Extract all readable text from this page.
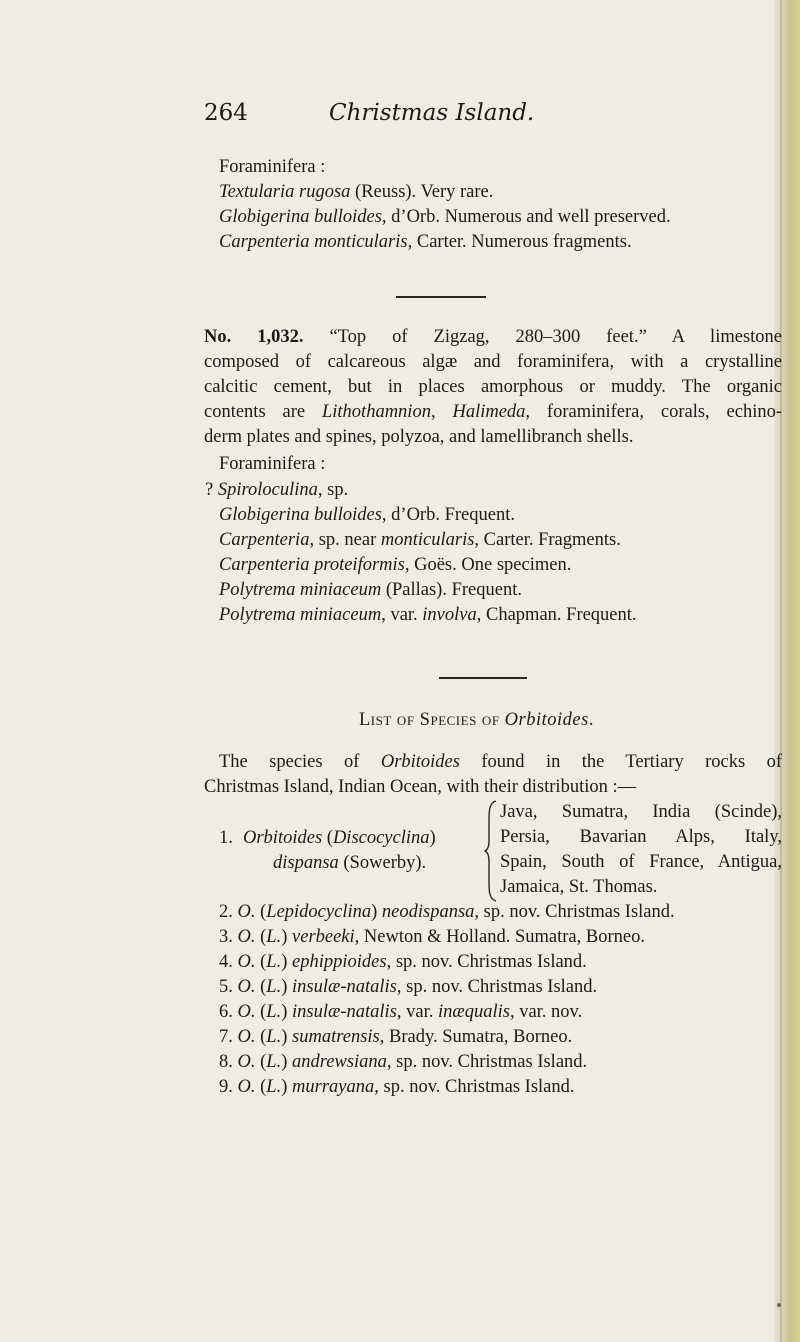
264	Christmas Island.
Foraminifera :
Textularia rugosa (Reuss). Very rare.
Globigerina bulloides, d’Orb. Numerous and well preserved.
Carpenteria monticularis, Carter. Numerous fragments.
No. 1,032. “Top of Zigzag, 280–300 feet.” A limestone
composed of calcareous algæ and foraminifera, with a crystalline
calcitic cement, but in places amorphous or muddy. The organic
contents are Lithothamnion, Halimeda, foraminifera, corals, echino-
derm plates and spines, polyzoa, and lamellibranch shells.
Foraminifera :
? Spiroloculina, sp.
Globigerina bulloides, d’Orb. Frequent.
Carpenteria, sp. near monticularis, Carter. Fragments.
Carpenteria proteiformis, Goës. One specimen.
Polytrema miniaceum (Pallas). Frequent.
Polytrema miniaceum, var. involva, Chapman. Frequent.
List of Species of Orbitoides.
The species of Orbitoides found in the Tertiary rocks of
Christmas Island, Indian Ocean, with their distribution :—
1. Orbitoides (Discocyclina)
dispansa (Sowerby).
Java, Sumatra, India (Scinde),
Persia, Bavarian Alps, Italy,
Spain, South of France, Antigua,
Jamaica, St. Thomas.
2. O. (Lepidocyclina) neodispansa, sp. nov. Christmas Island.
3. O. (L.) verbeeki, Newton & Holland. Sumatra, Borneo.
4. O. (L.) ephippioides, sp. nov. Christmas Island.
5. O. (L.) insulæ-natalis, sp. nov. Christmas Island.
6. O. (L.) insulæ-natalis, var. inæqualis, var. nov.
7. O. (L.) sumatrensis, Brady. Sumatra, Borneo.
8. O. (L.) andrewsiana, sp. nov. Christmas Island.
9. O. (L.) murrayana, sp. nov. Christmas Island.
